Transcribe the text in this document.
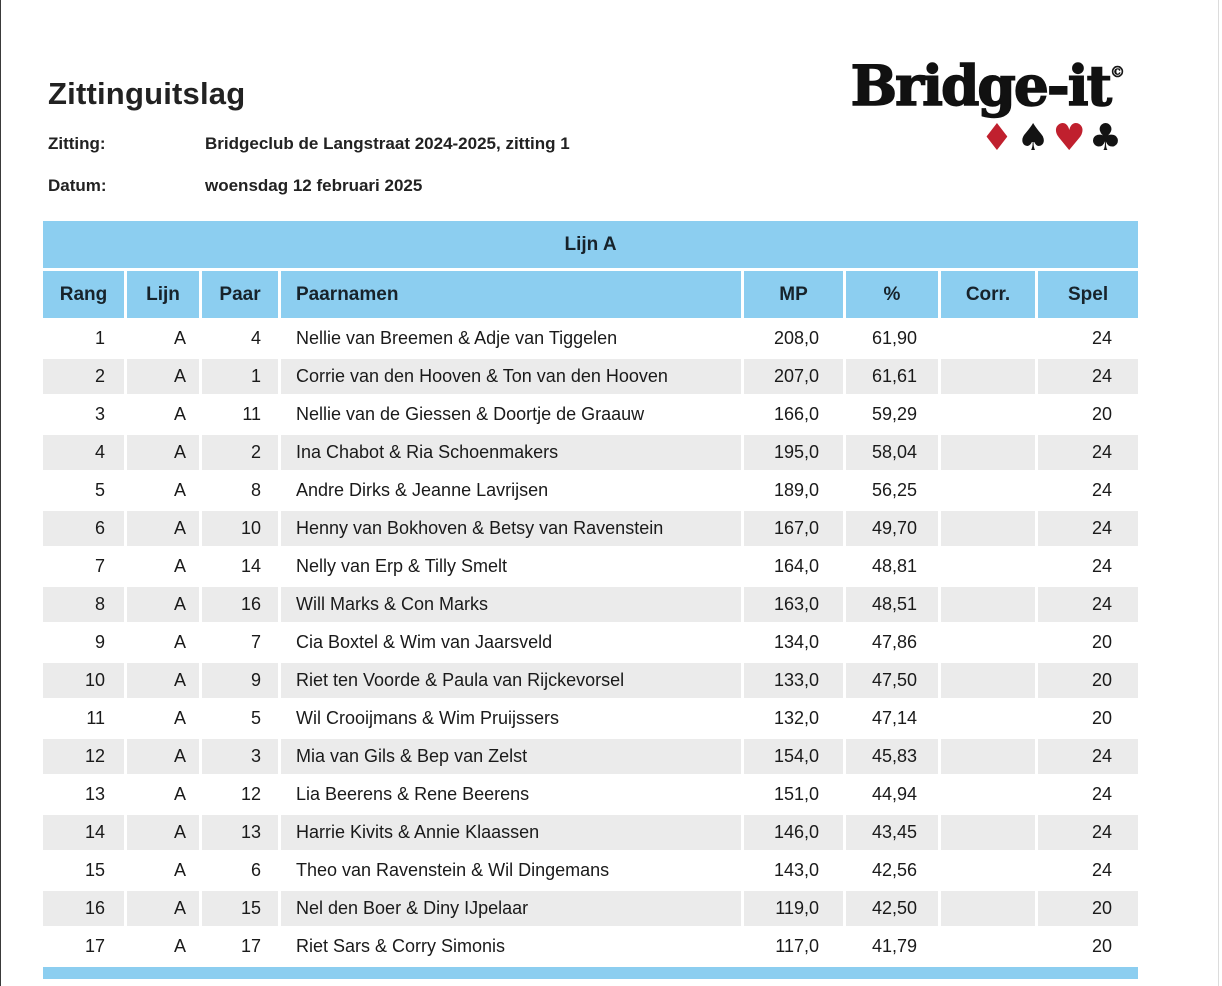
Zittinguitslag
Zitting:	Bridgeclub de Langstraat 2024-2025, zitting 1
Datum:	woensdag 12 februari 2025
Bridge-it©
♦♠♥♣
Lijn A							
Rang	Lijn	Paar	Paarnamen	MP	%	Corr.	Spel
1	A	4	Nellie van Breemen & Adje van Tiggelen	208,0	61,90		24
2	A	1	Corrie van den Hooven & Ton van den Hooven	207,0	61,61		24
3	A	11	Nellie van de Giessen & Doortje de Graauw	166,0	59,29		20
4	A	2	Ina Chabot & Ria Schoenmakers	195,0	58,04		24
5	A	8	Andre Dirks & Jeanne Lavrijsen	189,0	56,25		24
6	A	10	Henny van Bokhoven & Betsy van Ravenstein	167,0	49,70		24
7	A	14	Nelly van Erp & Tilly Smelt	164,0	48,81		24
8	A	16	Will Marks & Con Marks	163,0	48,51		24
9	A	7	Cia Boxtel & Wim van Jaarsveld	134,0	47,86		20
10	A	9	Riet ten Voorde & Paula van Rijckevorsel	133,0	47,50		20
11	A	5	Wil Crooijmans & Wim Pruijssers	132,0	47,14		20
12	A	3	Mia van Gils & Bep van Zelst	154,0	45,83		24
13	A	12	Lia Beerens & Rene Beerens	151,0	44,94		24
14	A	13	Harrie Kivits & Annie Klaassen	146,0	43,45		24
15	A	6	Theo van Ravenstein & Wil Dingemans	143,0	42,56		24
16	A	15	Nel den Boer & Diny IJpelaar	119,0	42,50		20
17	A	17	Riet Sars & Corry Simonis	117,0	41,79		20
